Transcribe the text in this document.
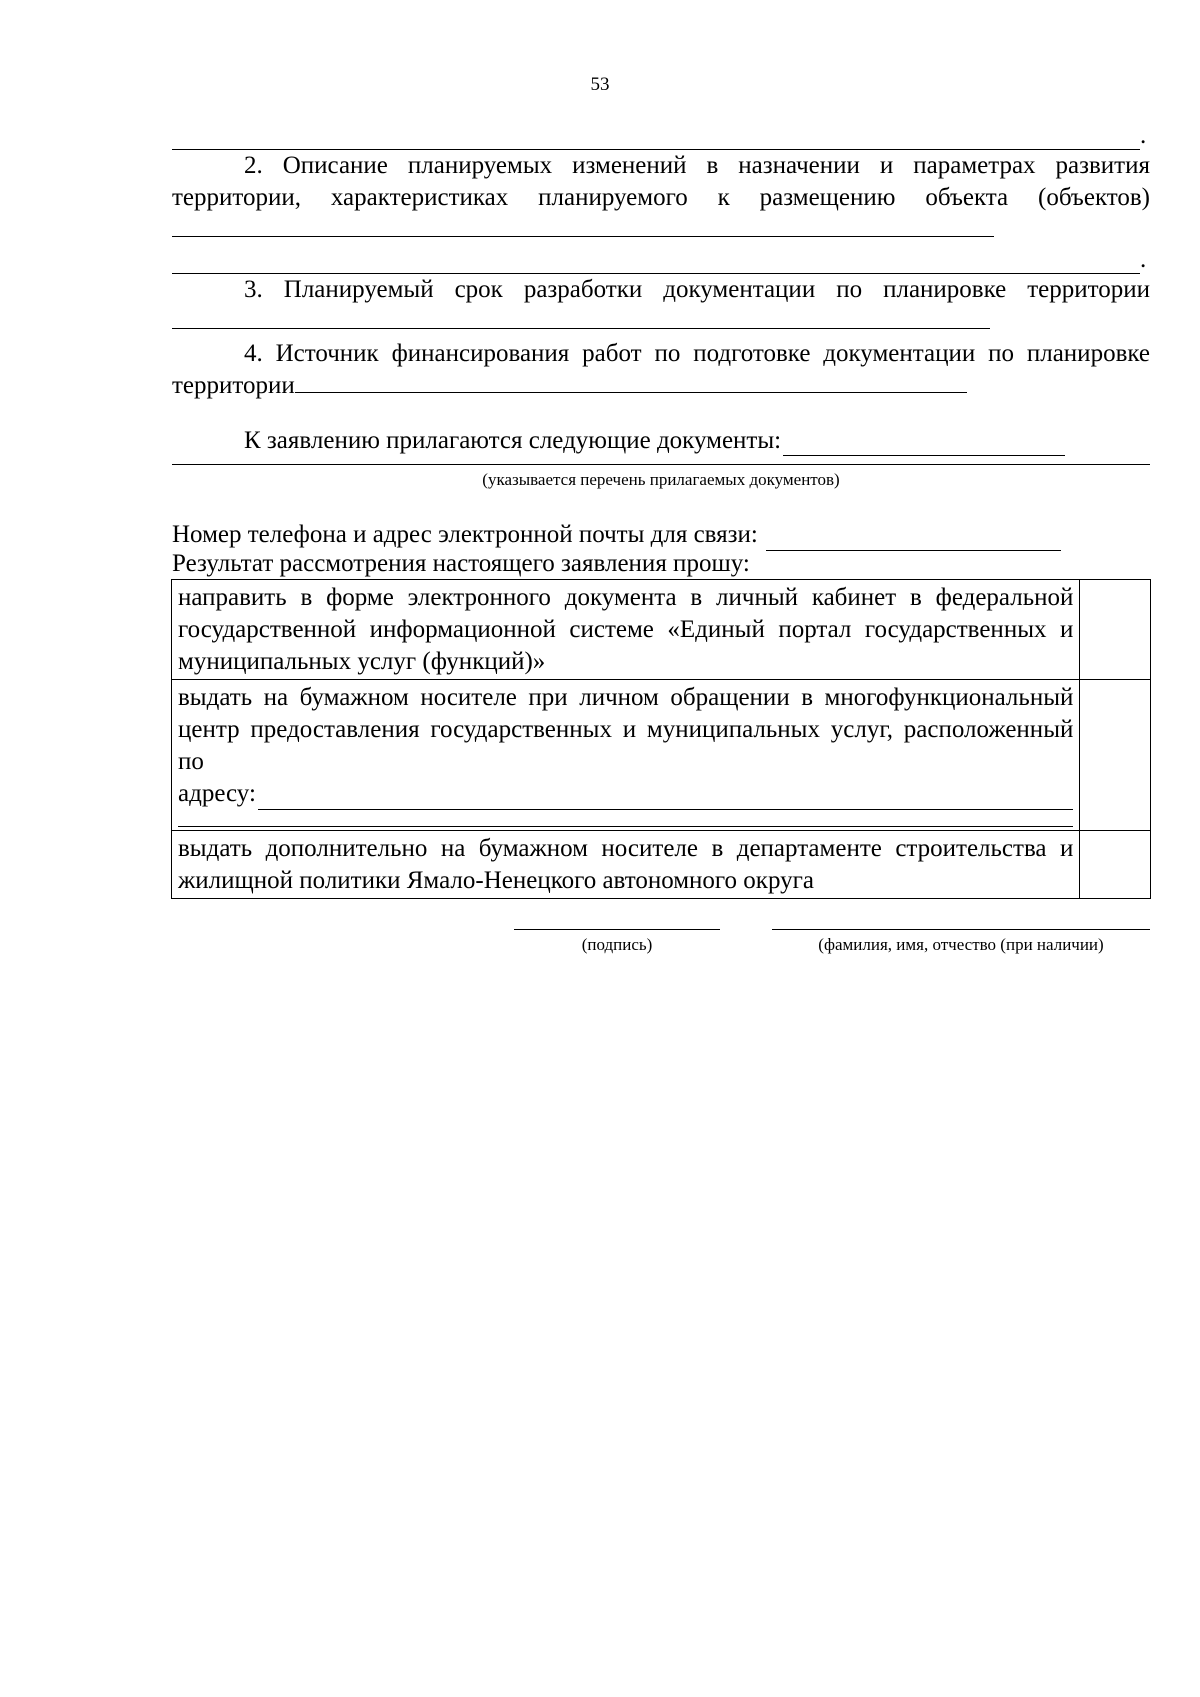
53
.
2. Описание планируемых изменений в назначении и параметрах развития территории, характеристиках планируемого к размещению объекта (объектов)
.
3. Планируемый срок разработки документации по планировке территории
4. Источник финансирования работ по подготовке документации по планировке территории
К заявлению прилагаются следующие документы:
(указывается перечень прилагаемых документов)
Номер телефона и адрес электронной почты для связи:
Результат рассмотрения настоящего заявления прошу:
направить в форме электронного документа в личный кабинет в федеральной государственной информационной системе «Единый портал государственных и муниципальных услуг (функций)»	

выдать на бумажном носителе при личном обращении в многофункциональный центр предоставления государственных и муниципальных услуг, расположенный по
адресу:	

выдать дополнительно на бумажном носителе в департаменте строительства и жилищной политики Ямало-Ненецкого автономного округа	
(подпись)	(фамилия, имя, отчество (при наличии)
